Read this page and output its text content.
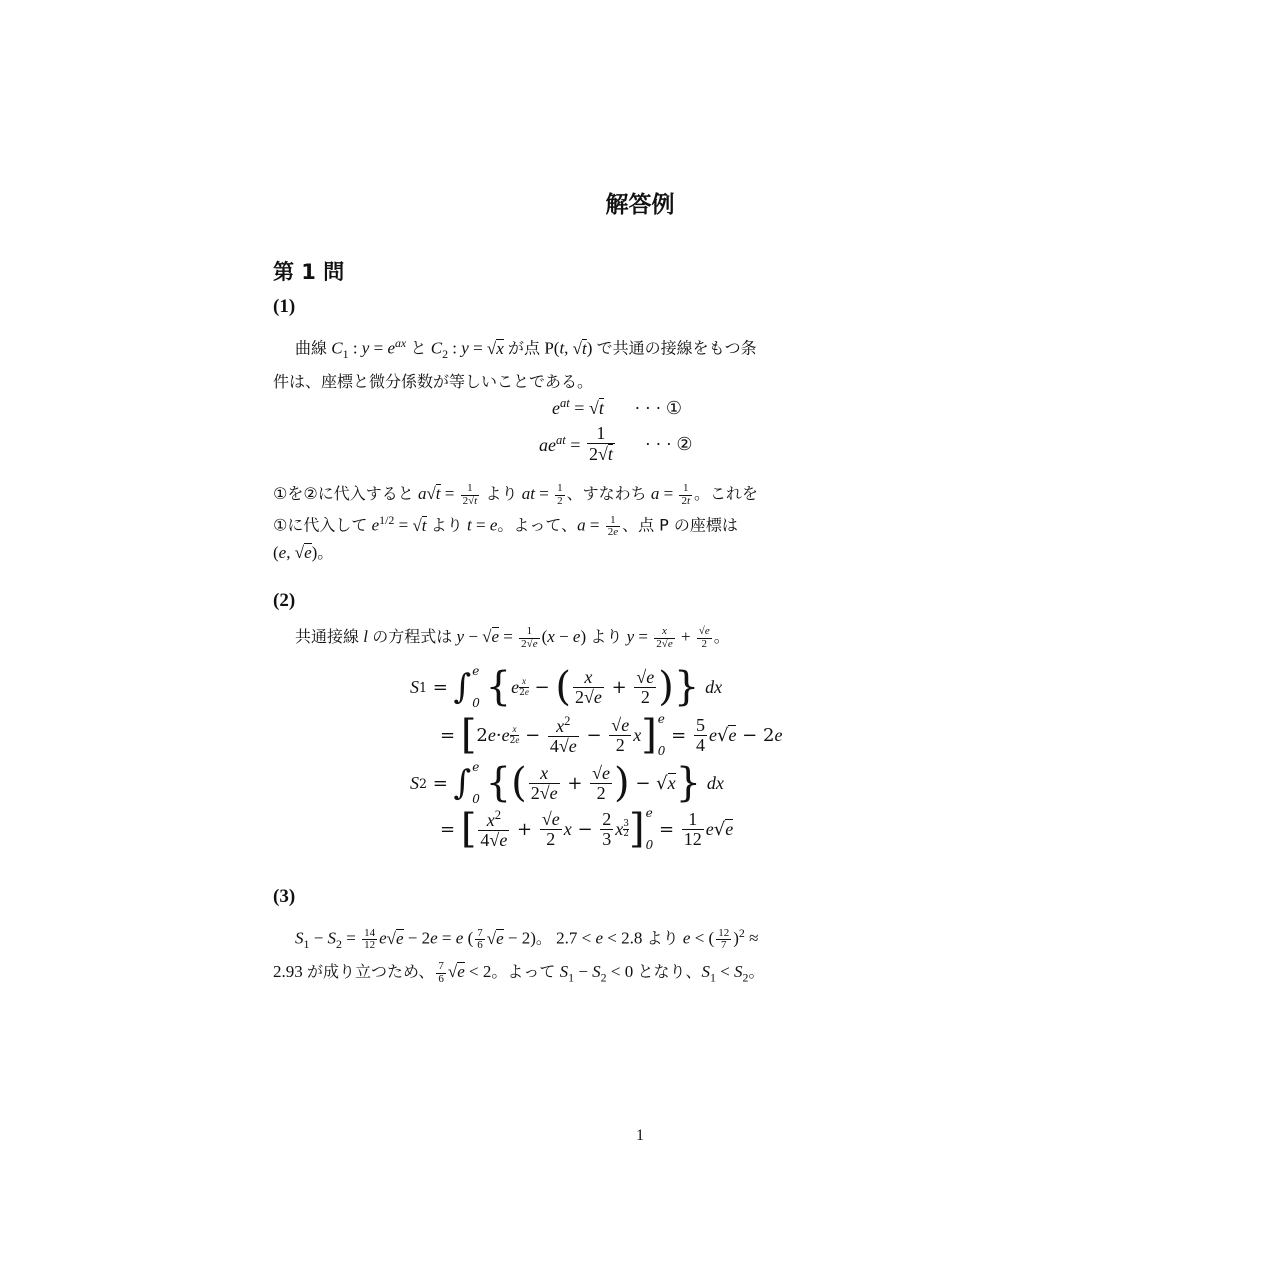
解答例
第 1 問
(1)
曲線 $C_1$ : $y = e^{ax}$ と $C_2$ : y = √x が点 P(t, √t) で共通の接線をもつ条
件は、座標と微分係数が等しいことである。
$e^{at} = √t$ · · · ①
$ae^{at} = \frac{1}{2√t}$ · · · ②
①を②に代入すると $a√t = \frac{1}{2√t}$ より at = $\frac{1}{2}$ 、すなわち $a = \frac{1}{2t}$ 。これを
①に代入して $e^{1/2} = √t$ より t = e。よって、$a = \frac{1}{2e}$ 、点 P の座標は
(e, √e)。
(2)
共通接線 l の方程式は $y - √e = \frac{1}{2√e} (x - e)$ より $y = \frac{x}{2√e} + \frac{√e}{2}$ 。
S 1 = ∫ e
0
{ e x
2e − ( $\frac{x}{2√e} + \frac{√e}{2}$ ) }
dx
= [ 2 e · e x
$2e - \frac{x^2}{4√e} - \frac{√e}{2}$ x ] e
0
= $\frac{5}{4}$ e √e − 2 e
S 2 = ∫ e
0
{ ( $\frac{x}{2√e} + \frac{√e}{2}$ ) − √x }
dx
= [ $\frac{x^2}{4√e} + \frac{√e}{2}$ $x - \frac{2}{3}$ x 3
2 ] e
0
= $\frac{1}{12}$ e √e
(3)
$S_1 - S_2 = \frac{14}{12} e√e - 2e = e$ ( $\frac{7}{6} √e - 2$)。 2.7 < e < 2.8 より e < ( $\frac{12}{7} )^2$ ≈
2.93 が成り立つため、 $\frac{7}{6} √e < 2$。よって $S_1 - S_2 < 0$ となり、$S_1 < S_2$。
1
